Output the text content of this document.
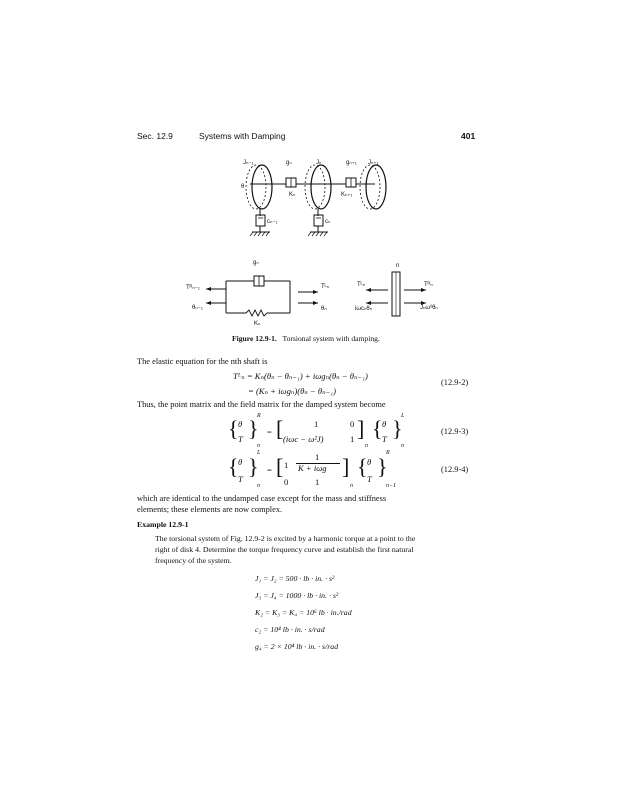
Sec. 12.9	Systems with Damping	401
Jₙ₋₁	gₙ	Jₙ	gₙ₊₁ Jₙ₊₁
θ
Kₙ	Kₙ₊₁
cₙ₋₁	cₙ
gₙ
Tᴿₙ₋₁	Tᴸₙ
θₙ₋₁	θₙ
Kₙ
n
Tᴸₙ	Tᴿₙ
iωcₙθₙ	Jₙω²θₙ
Figure 12.9-1. Torsional system with damping.
The elastic equation for the nth shaft is
Tᴸₙ = Kₙ(θₙ − θₙ₋₁) + iωgₙ(θₙ − θₙ₋₁)
= (Kₙ + iωgₙ)(θₙ − θₙ₋₁)
(12.9-2)
Thus, the point matrix and the field matrix for the damped system become
{ θ
T }
R
n
= [	1	0
(iωc − ω²J)	1 ]
n
{ θ
T }
L
n
(12.9-3)
{ θ
T }
L
n
= [ 1
1
K + iωg
0	1
]
n
{ θ
T }
R
n−1
(12.9-4)
which are identical to the undamped case except for the mass and stiffness
elements; these elements are now complex.
Example 12.9-1
The torsional system of Fig. 12.9-2 is excited by a harmonic torque at a point to the
right of disk 4. Determine the torque frequency curve and establish the first natural
frequency of the system.
J₁ = J₂ = 500 · lb · in. · s²
J₃ = J₄ = 1000 · lb · in. · s²
K₂ = K₃ = K₄ = 10⁶ lb · in./rad
c₂ = 10⁴ lb · in. · s/rad
g₄ = 2 × 10⁴ lb · in. · s/rad
